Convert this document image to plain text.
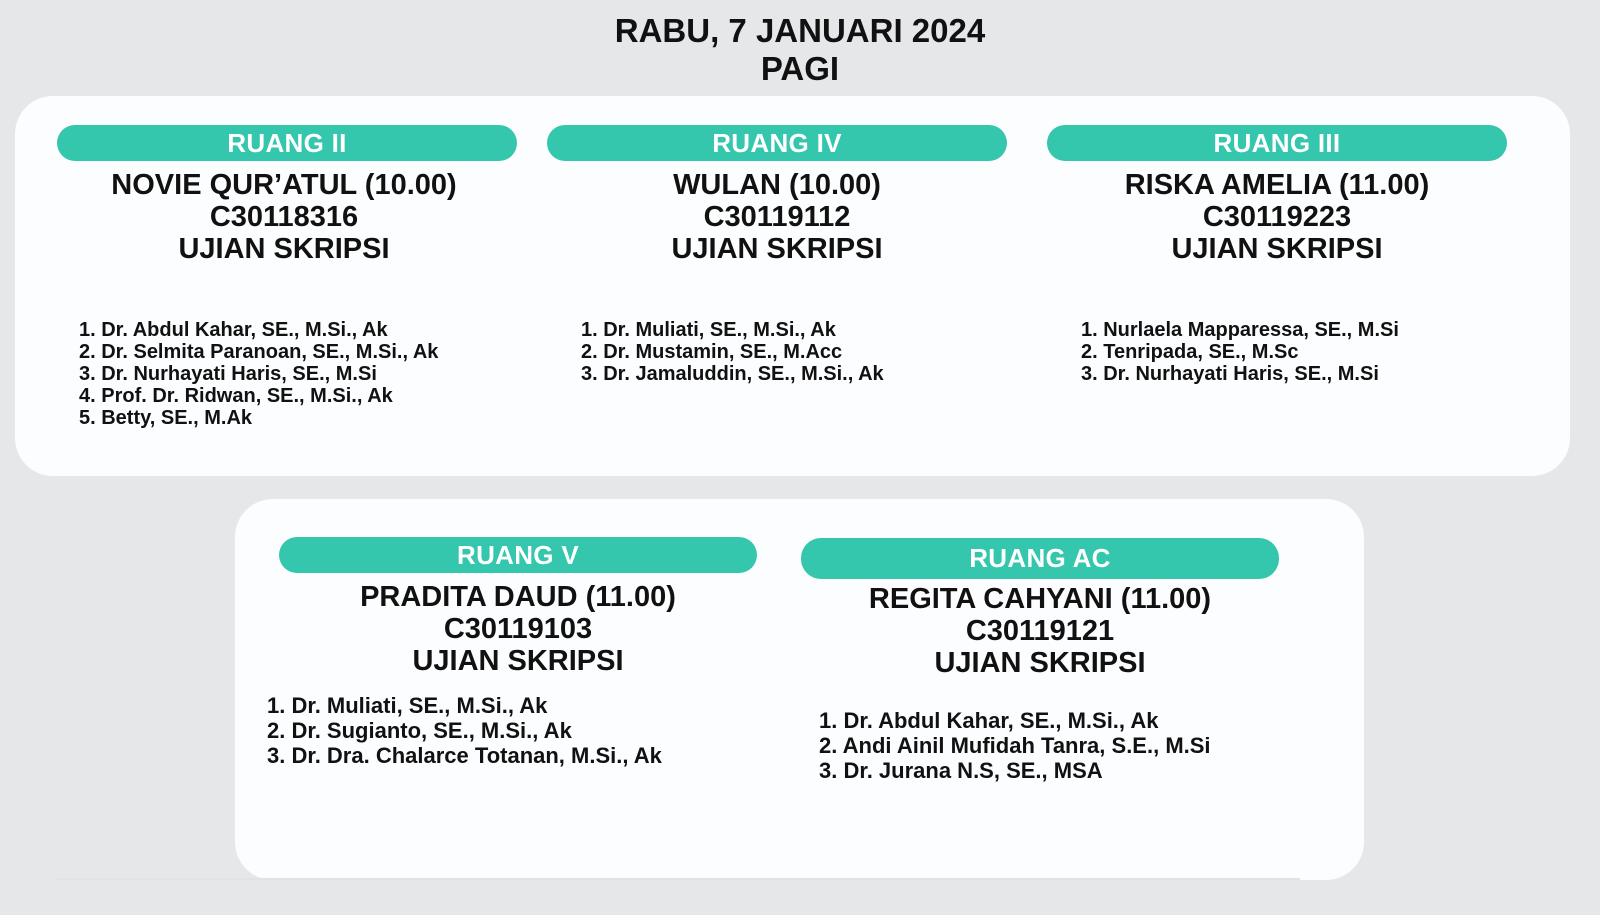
RABU, 7 JANUARI 2024
PAGI
RUANG II
NOVIE QUR’ATUL (10.00)
C30118316
UJIAN SKRIPSI
1. Dr. Abdul Kahar, SE., M.Si., Ak
2. Dr. Selmita Paranoan, SE., M.Si., Ak
3. Dr. Nurhayati Haris, SE., M.Si
4. Prof. Dr. Ridwan, SE., M.Si., Ak
5. Betty, SE., M.Ak
RUANG IV
WULAN (10.00)
C30119112
UJIAN SKRIPSI
1. Dr. Muliati, SE., M.Si., Ak
2. Dr. Mustamin, SE., M.Acc
3. Dr. Jamaluddin, SE., M.Si., Ak
RUANG III
RISKA AMELIA (11.00)
C30119223
UJIAN SKRIPSI
1. Nurlaela Mapparessa, SE., M.Si
2. Tenripada, SE., M.Sc
3. Dr. Nurhayati Haris, SE., M.Si
RUANG V
PRADITA DAUD (11.00)
C30119103
UJIAN SKRIPSI
1. Dr. Muliati, SE., M.Si., Ak
2. Dr. Sugianto, SE., M.Si., Ak
3. Dr. Dra. Chalarce Totanan, M.Si., Ak
RUANG AC
REGITA CAHYANI (11.00)
C30119121
UJIAN SKRIPSI
1. Dr. Abdul Kahar, SE., M.Si., Ak
2. Andi Ainil Mufidah Tanra, S.E., M.Si
3. Dr. Jurana N.S, SE., MSA
